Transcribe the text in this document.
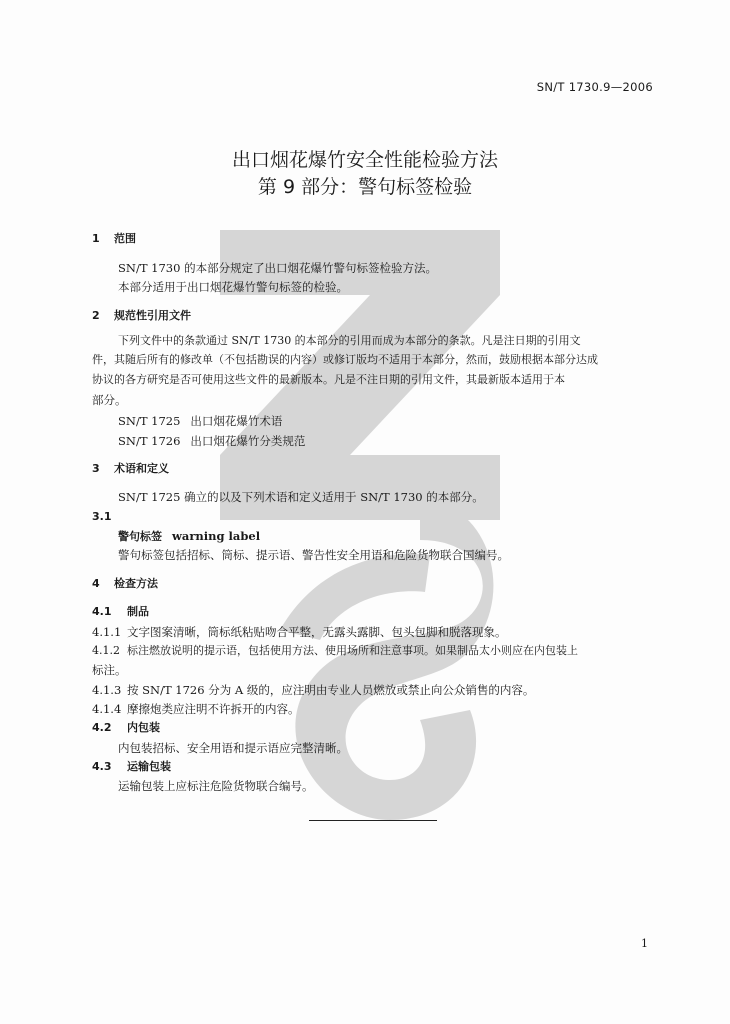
SN/T 1730.9—2006
出口烟花爆竹安全性能检验方法
第 9 部分：警句标签检验
1 范围
SN/T 1730 的本部分规定了出口烟花爆竹警句标签检验方法。
本部分适用于出口烟花爆竹警句标签的检验。
2 规范性引用文件
下列文件中的条款通过 SN/T 1730 的本部分的引用而成为本部分的条款。凡是注日期的引用文
件，其随后所有的修改单（不包括勘误的内容）或修订版均不适用于本部分，然而，鼓励根据本部分达成
协议的各方研究是否可使用这些文件的最新版本。凡是不注日期的引用文件，其最新版本适用于本
部分。
SN/T 1725 出口烟花爆竹术语
SN/T 1726 出口烟花爆竹分类规范
3 术语和定义
SN/T 1725 确立的以及下列术语和定义适用于 SN/T 1730 的本部分。
3.1
警句标签 warning label
警句标签包括招标、筒标、提示语、警告性安全用语和危险货物联合国编号。
4 检查方法
4.1 制品
4.1.1 文字图案清晰，筒标纸粘贴吻合平整，无露头露脚、包头包脚和脱落现象。
4.1.2 标注燃放说明的提示语，包括使用方法、使用场所和注意事项。如果制品太小则应在内包装上
标注。
4.1.3 按 SN/T 1726 分为 A 级的，应注明由专业人员燃放或禁止向公众销售的内容。
4.1.4 摩擦炮类应注明不许拆开的内容。
4.2 内包装
内包装招标、安全用语和提示语应完整清晰。
4.3 运输包装
运输包装上应标注危险货物联合编号。
1
